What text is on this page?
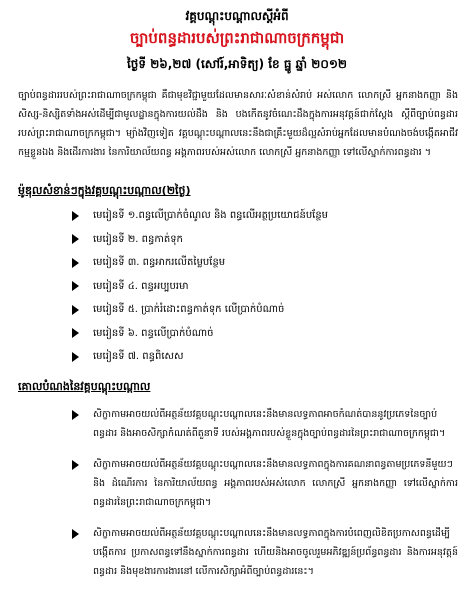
វគ្គបណ្តុះបណ្តាលស្តីអំពី
ច្បាប់ពន្ធដារបស់ព្រះរាជាណាចក្រកម្ពុជា
ថ្ងៃទី ២៦,២៧ (សៅរ៍,អាទិត្យ) ខែ ធ្នូ ឆ្នាំ ២០១២

ច្បាប់ពន្ធដាររបស់ព្រះរាជាណាចក្រកម្ពុជា គឺជាមុខវិជ្ជាមួយដែលមានសារៈសំខាន់សំរាប់ អស់លោក លោកស្រី អ្នកនាងកញ្ញា និង សិស្ស-និស្សិតទាំងអស់ដើម្បីជាមូលដ្ឋានក្នុងការយល់ដឹង និង បងកើតនូវចំណេះដឹងក្នុងការអនុវត្តន៍ជាក់ស្តែង ស្តីពីច្បាប់ពន្ធដារ របស់ព្រះរាជាណាចក្រកម្ពុជា។ ម្យ៉ាងវិញទៀត វគ្គបណ្តុះបណ្តាលនេះនឹងជាគ្រឹះមួយដ៏ល្អសំរាប់អ្នកដែលមានបំណងចង់បង្កើតអាជីវកម្មខ្លួនឯង និងដើរការងារ នៃការិយាល័យពន្ធ អង្គភាពរបស់អស់លោក លោកស្រី អ្នកនាងកញ្ញា ទៅលើស្នាក់ការពន្ធដារ ។

ម៉ូឌុលសំខាន់ៗក្នុងវគ្គបណ្តុះបណ្តាល(២ថ្ងៃ)
មេរៀនទី ១.ពន្ធលើប្រាក់ចំណូល និង ពន្ធលើអត្ថប្រយោជន៍បន្ថែម
មេរៀនទី ២. ពន្ធកាត់ទុក
មេរៀនទី ៣. ពន្ធអាករលើតម្លៃបន្ថែម
មេរៀនទី ៤. ពន្ធអប្បបរមា
មេរៀនទី ៥. ប្រាក់រំដោះពន្ធកាត់ទុក លើប្រាក់បំណាច់
មេរៀនទី ៦. ពន្ធលើប្រាក់បំណាច់
មេរៀនទី ៧. ពន្ធពិសេស
គោលបំណងនៃវគ្គបណ្តុះបណ្តាល
សិក្ខាកាមអាចយល់ពីអត្ថន័យវគ្គបណ្តុះបណ្តាលនេះនឹងមានលទ្ធភាពអាចកំណត់បាននូវប្រភេទនៃច្បាប់ពន្ធដារ និងអាចសិក្សាកំណត់ពីតួនាទី របស់អង្គភាពរបស់ខ្លួនក្នុងច្បាប់ពន្ធដារនៃព្រះរាជាណាចក្រកម្ពុជា។
សិក្ខាកាមអាចយល់ពីអត្ថន័យវគ្គបណ្តុះបណ្តាលនេះនឹងមានលទ្ធភាពក្នុងការគណនាពន្ធតាមប្រភេទនីមួយៗ និង ដំណើរការ នៃការិយាល័យពន្ធ អង្គភាពរបស់អស់លោក លោកស្រី អ្នកនាងកញ្ញា ទៅលើស្នាក់ការពន្ធដារនៃព្រះរាជាណាចក្រកម្ពុជា។
សិក្ខាកាមអាចយល់ពីអត្ថន័យវគ្គបណ្តុះបណ្តាលនេះនឹងមានលទ្ធភាពក្នុងការបំពេញលិខិតប្រកាសពន្ធដើម្បីបង្កើតការ ប្រកាសពន្ធទៅនឹងស្នាក់ការពន្ធដារ ហើយនិងអាចចូលរួមអភិវឌ្ឍន៍ប្រព័ន្ធពន្ធដារ និងការអនុវត្តន៍ពន្ធដារ និងមុខងារការងារនៅ លើការសិក្សាអំពីច្បាប់ពន្ធដារនេះ។
